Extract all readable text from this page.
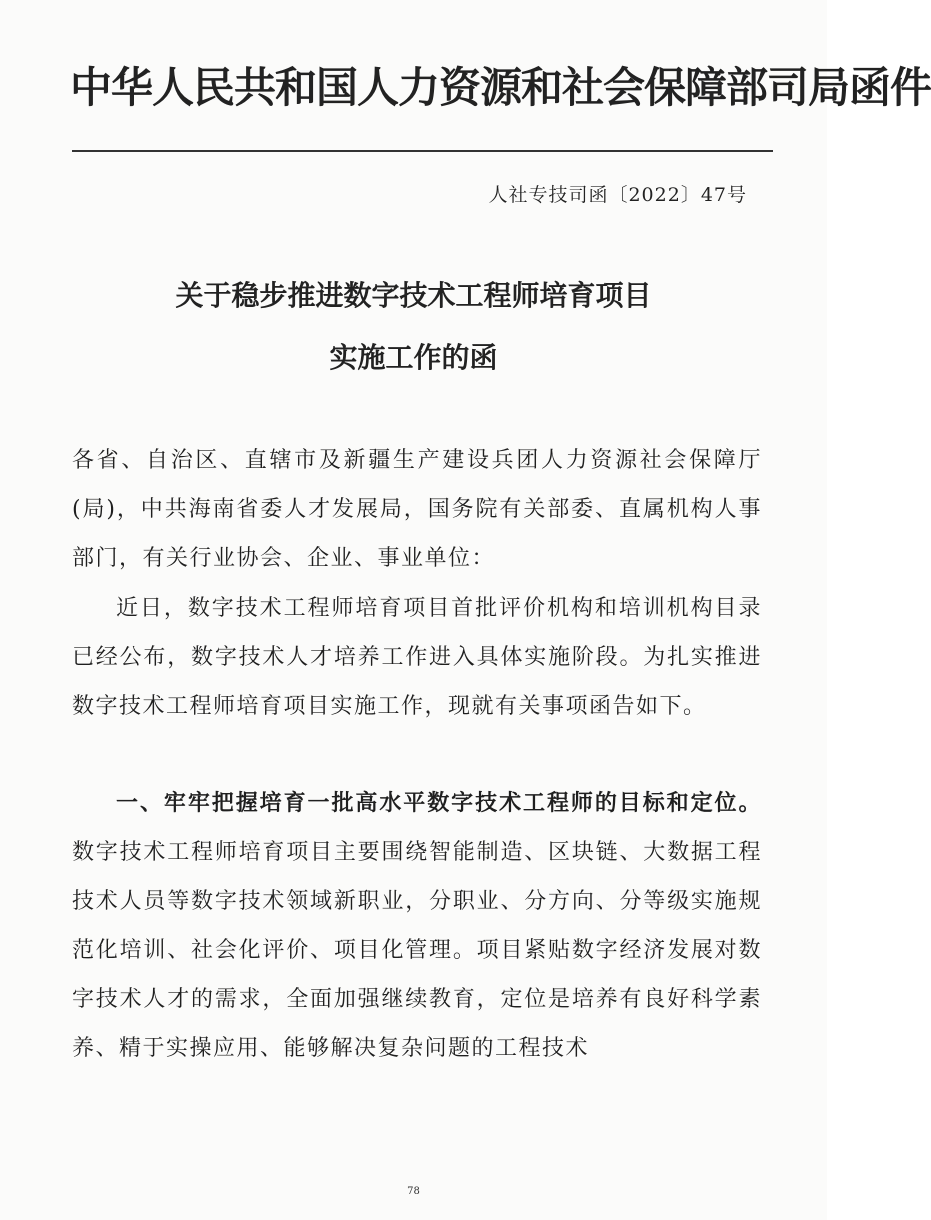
中华人民共和国人力资源和社会保障部司局函件
人社专技司函〔2022〕47号
关于稳步推进数字技术工程师培育项目
实施工作的函
各省、自治区、直辖市及新疆生产建设兵团人力资源社会保障厅(局)，中共海南省委人才发展局，国务院有关部委、直属机构人事部门，有关行业协会、企业、事业单位：
近日，数字技术工程师培育项目首批评价机构和培训机构目录已经公布，数字技术人才培养工作进入具体实施阶段。为扎实推进数字技术工程师培育项目实施工作，现就有关事项函告如下。
一、牢牢把握培育一批高水平数字技术工程师的目标和定位。数字技术工程师培育项目主要围绕智能制造、区块链、大数据工程技术人员等数字技术领域新职业，分职业、分方向、分等级实施规范化培训、社会化评价、项目化管理。项目紧贴数字经济发展对数字技术人才的需求，全面加强继续教育，定位是培养有良好科学素养、精于实操应用、能够解决复杂问题的工程技术
78
